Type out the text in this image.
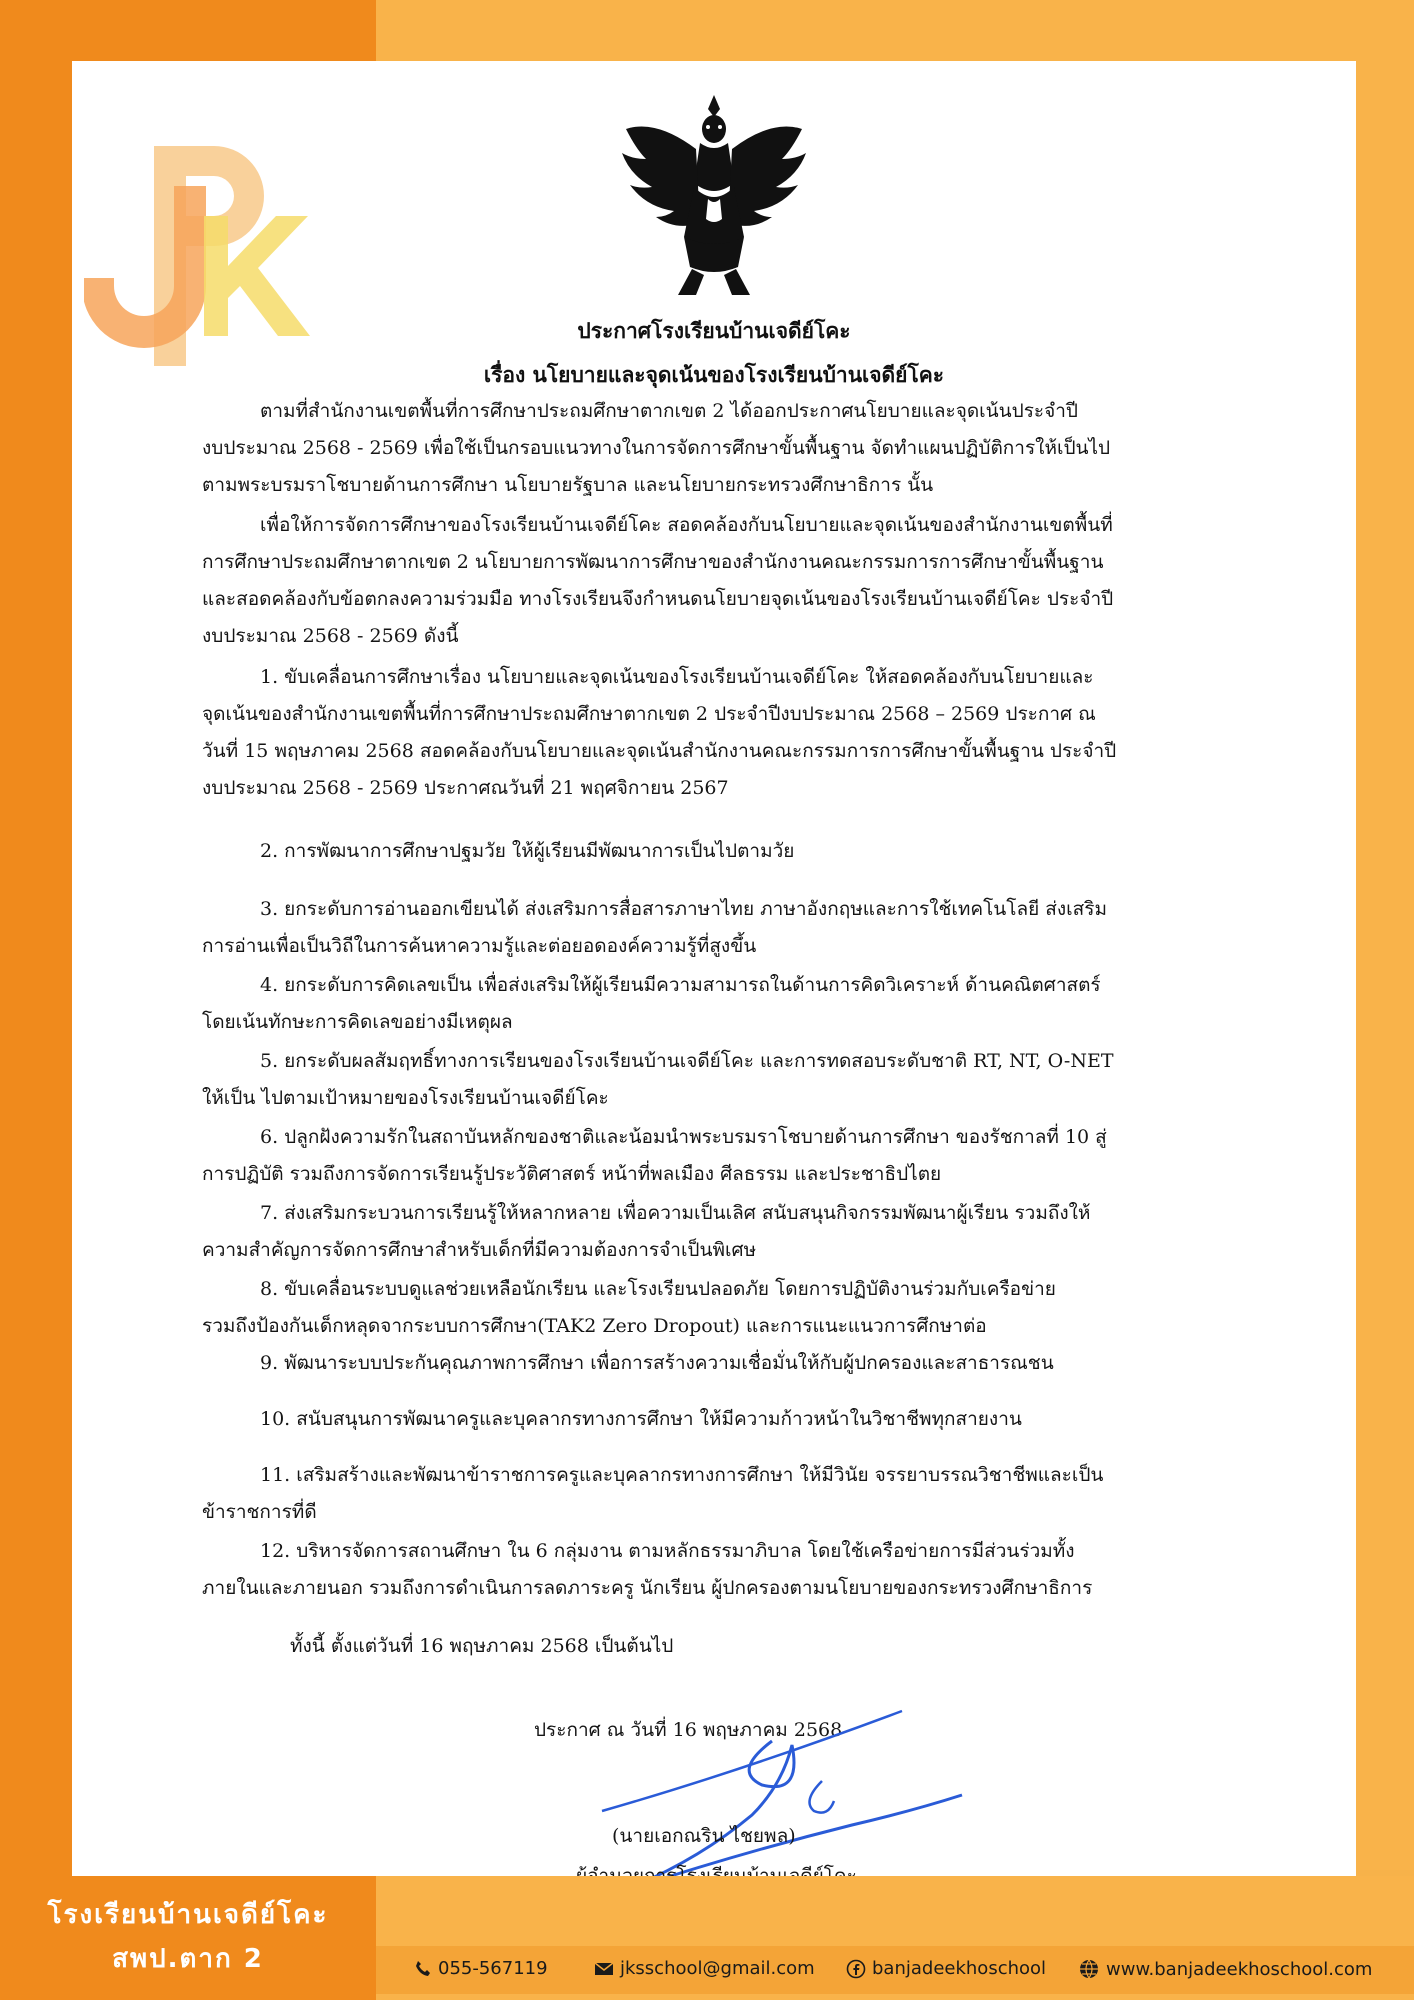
ประกาศโรงเรียนบ้านเจดีย์โคะ
เรื่อง นโยบายและจุดเน้นของโรงเรียนบ้านเจดีย์โคะ
ตามที่สำนักงานเขตพื้นที่การศึกษาประถมศึกษาตากเขต 2 ได้ออกประกาศนโยบายและจุดเน้นประจำปี
งบประมาณ 2568 - 2569 เพื่อใช้เป็นกรอบแนวทางในการจัดการศึกษาขั้นพื้นฐาน จัดทำแผนปฏิบัติการให้เป็นไป
ตามพระบรมราโชบายด้านการศึกษา นโยบายรัฐบาล และนโยบายกระทรวงศึกษาธิการ นั้น
เพื่อให้การจัดการศึกษาของโรงเรียนบ้านเจดีย์โคะ สอดคล้องกับนโยบายและจุดเน้นของสำนักงานเขตพื้นที่
การศึกษาประถมศึกษาตากเขต 2 นโยบายการพัฒนาการศึกษาของสำนักงานคณะกรรมการการศึกษาขั้นพื้นฐาน
และสอดคล้องกับข้อตกลงความร่วมมือ ทางโรงเรียนจึงกำหนดนโยบายจุดเน้นของโรงเรียนบ้านเจดีย์โคะ ประจำปี
งบประมาณ 2568 - 2569 ดังนี้
1. ขับเคลื่อนการศึกษาเรื่อง นโยบายและจุดเน้นของโรงเรียนบ้านเจดีย์โคะ ให้สอดคล้องกับนโยบายและ
จุดเน้นของสำนักงานเขตพื้นที่การศึกษาประถมศึกษาตากเขต 2 ประจำปีงบประมาณ 2568 – 2569 ประกาศ ณ
วันที่ 15 พฤษภาคม 2568 สอดคล้องกับนโยบายและจุดเน้นสำนักงานคณะกรรมการการศึกษาขั้นพื้นฐาน ประจำปี
งบประมาณ 2568 - 2569 ประกาศณวันที่ 21 พฤศจิกายน 2567
2. การพัฒนาการศึกษาปฐมวัย ให้ผู้เรียนมีพัฒนาการเป็นไปตามวัย
3. ยกระดับการอ่านออกเขียนได้ ส่งเสริมการสื่อสารภาษาไทย ภาษาอังกฤษและการใช้เทคโนโลยี ส่งเสริม
การอ่านเพื่อเป็นวิถีในการค้นหาความรู้และต่อยอดองค์ความรู้ที่สูงขึ้น
4. ยกระดับการคิดเลขเป็น เพื่อส่งเสริมให้ผู้เรียนมีความสามารถในด้านการคิดวิเคราะห์ ด้านคณิตศาสตร์
โดยเน้นทักษะการคิดเลขอย่างมีเหตุผล
5. ยกระดับผลสัมฤทธิ์ทางการเรียนของโรงเรียนบ้านเจดีย์โคะ และการทดสอบระดับชาติ RT, NT, O-NET
ให้เป็น ไปตามเป้าหมายของโรงเรียนบ้านเจดีย์โคะ
6. ปลูกฝังความรักในสถาบันหลักของชาติและน้อมนำพระบรมราโชบายด้านการศึกษา ของรัชกาลที่ 10 สู่
การปฏิบัติ รวมถึงการจัดการเรียนรู้ประวัติศาสตร์ หน้าที่พลเมือง ศีลธรรม และประชาธิปไตย
7. ส่งเสริมกระบวนการเรียนรู้ให้หลากหลาย เพื่อความเป็นเลิศ สนับสนุนกิจกรรมพัฒนาผู้เรียน รวมถึงให้
ความสำคัญการจัดการศึกษาสำหรับเด็กที่มีความต้องการจำเป็นพิเศษ
8. ขับเคลื่อนระบบดูแลช่วยเหลือนักเรียน และโรงเรียนปลอดภัย โดยการปฏิบัติงานร่วมกับเครือข่าย
รวมถึงป้องกันเด็กหลุดจากระบบการศึกษา(TAK2 Zero Dropout) และการแนะแนวการศึกษาต่อ
9. พัฒนาระบบประกันคุณภาพการศึกษา เพื่อการสร้างความเชื่อมั่นให้กับผู้ปกครองและสาธารณชน
10. สนับสนุนการพัฒนาครูและบุคลากรทางการศึกษา ให้มีความก้าวหน้าในวิชาชีพทุกสายงาน
11. เสริมสร้างและพัฒนาข้าราชการครูและบุคลากรทางการศึกษา ให้มีวินัย จรรยาบรรณวิชาชีพและเป็น
ข้าราชการที่ดี
12. บริหารจัดการสถานศึกษา ใน 6 กลุ่มงาน ตามหลักธรรมาภิบาล โดยใช้เครือข่ายการมีส่วนร่วมทั้ง
ภายในและภายนอก รวมถึงการดำเนินการลดภาระครู นักเรียน ผู้ปกครองตามนโยบายของกระทรวงศึกษาธิการ
ทั้งนี้ ตั้งแต่วันที่ 16 พฤษภาคม 2568 เป็นต้นไป
ประกาศ ณ วันที่ 16 พฤษภาคม 2568
(นายเอกณริน ไชยพล)
โรงเรียนบ้านเจดีย์โคะ
สพป.ตาก 2	055-567119	jksschool@gmail.com	banjadeekhoschool	www.banjadeekhoschool.com
